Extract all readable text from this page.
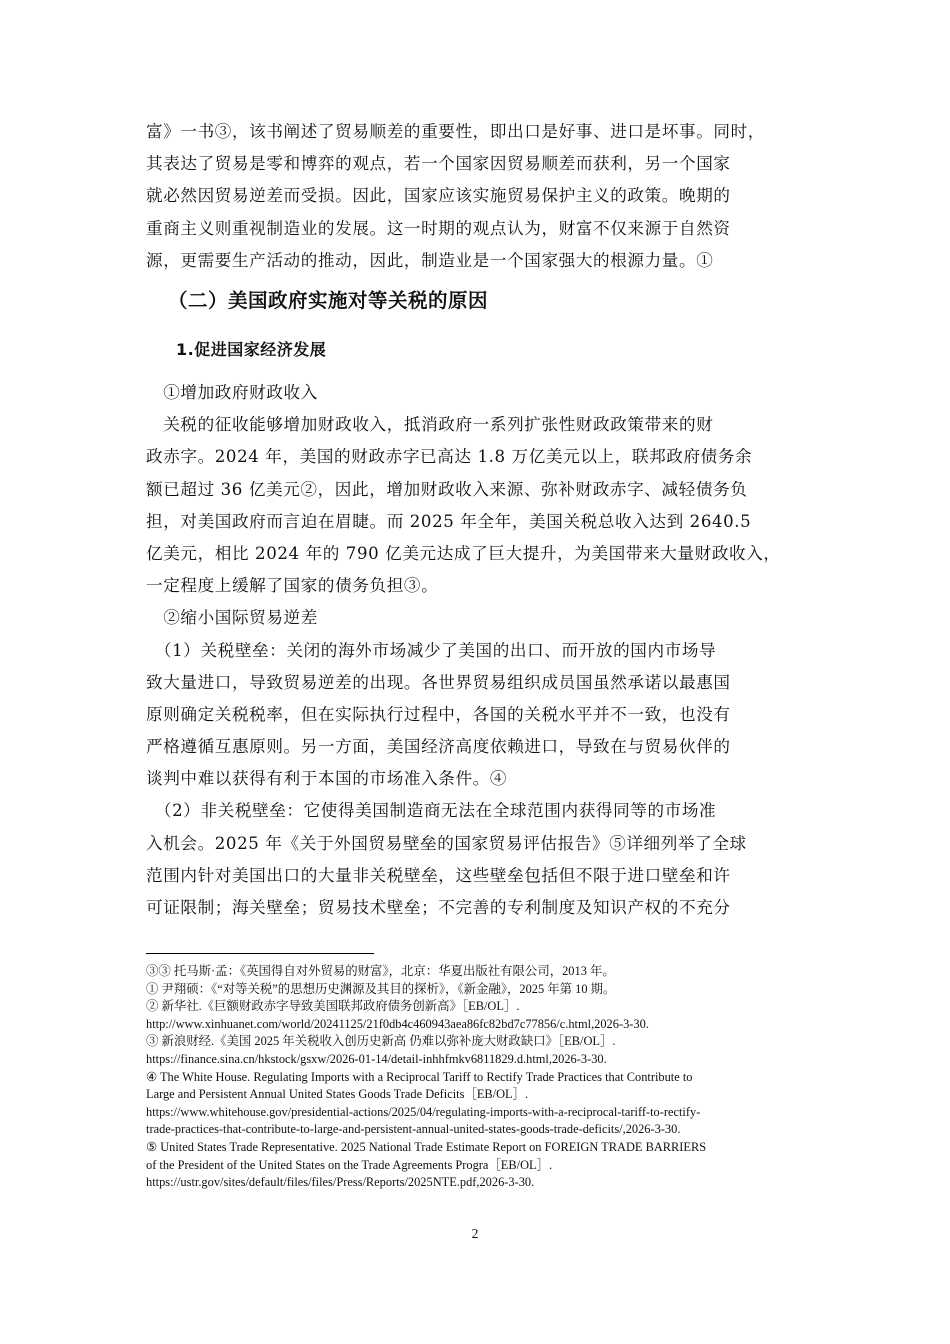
富》一书③，该书阐述了贸易顺差的重要性，即出口是好事、进口是坏事。同时，
其表达了贸易是零和博弈的观点，若一个国家因贸易顺差而获利，另一个国家
就必然因贸易逆差而受损。因此，国家应该实施贸易保护主义的政策。晚期的
重商主义则重视制造业的发展。这一时期的观点认为，财富不仅来源于自然资
源，更需要生产活动的推动，因此，制造业是一个国家强大的根源力量。①
（二）美国政府实施对等关税的原因
1.促进国家经济发展
　①增加政府财政收入
　关税的征收能够增加财政收入，抵消政府一系列扩张性财政政策带来的财
政赤字。2024 年，美国的财政赤字已高达 1.8 万亿美元以上，联邦政府债务余
额已超过 36 亿美元②，因此，增加财政收入来源、弥补财政赤字、减轻债务负
担，对美国政府而言迫在眉睫。而 2025 年全年，美国关税总收入达到 2640.5
亿美元，相比 2024 年的 790 亿美元达成了巨大提升，为美国带来大量财政收入，
一定程度上缓解了国家的债务负担③。
　②缩小国际贸易逆差
　（1）关税壁垒：关闭的海外市场减少了美国的出口、而开放的国内市场导
致大量进口，导致贸易逆差的出现。各世界贸易组织成员国虽然承诺以最惠国
原则确定关税税率，但在实际执行过程中，各国的关税水平并不一致，也没有
严格遵循互惠原则。另一方面，美国经济高度依赖进口，导致在与贸易伙伴的
谈判中难以获得有利于本国的市场准入条件。④
　（2）非关税壁垒：它使得美国制造商无法在全球范围内获得同等的市场准
入机会。2025 年《关于外国贸易壁垒的国家贸易评估报告》⑤详细列举了全球
范围内针对美国出口的大量非关税壁垒，这些壁垒包括但不限于进口壁垒和许
可证限制；海关壁垒；贸易技术壁垒；不完善的专利制度及知识产权的不充分
③③ 托马斯·孟：《英国得自对外贸易的财富》，北京：华夏出版社有限公司，2013 年。
① 尹翔硕：《“对等关税”的思想历史渊源及其目的探析》，《新金融》，2025 年第 10 期。
② 新华社.《巨额财政赤字导致美国联邦政府债务创新高》［EB/OL］.
http://www.xinhuanet.com/world/20241125/21f0db4c460943aea86fc82bd7c77856/c.html,2026-3-30.
③ 新浪财经.《美国 2025 年关税收入创历史新高 仍难以弥补庞大财政缺口》［EB/OL］.
https://finance.sina.cn/hkstock/gsxw/2026-01-14/detail-inhhfmkv6811829.d.html,2026-3-30.
④ The White House. Regulating Imports with a Reciprocal Tariff to Rectify Trade Practices that Contribute to
Large and Persistent Annual United States Goods Trade Deficits［EB/OL］.
https://www.whitehouse.gov/presidential-actions/2025/04/regulating-imports-with-a-reciprocal-tariff-to-rectify-
trade-practices-that-contribute-to-large-and-persistent-annual-united-states-goods-trade-deficits/,2026-3-30.
⑤ United States Trade Representative. 2025 National Trade Estimate Report on FOREIGN TRADE BARRIERS
of the President of the United States on the Trade Agreements Progra［EB/OL］.
https://ustr.gov/sites/default/files/files/Press/Reports/2025NTE.pdf,2026-3-30.
2
